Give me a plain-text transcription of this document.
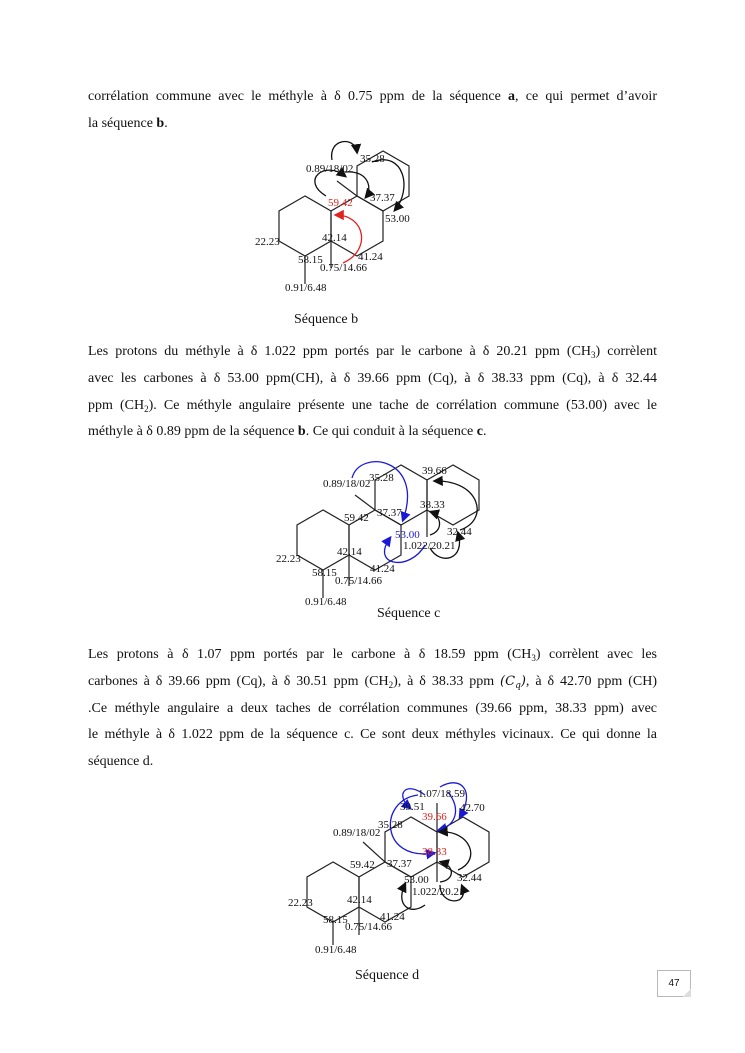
35.28
0.89/18/02
59.42 37.37
53.00
42.14
22.23
58.15	41.24
0.75/14.66
0.91/6.48
39.66
0.89/18/02
35.28
38.33
59.42 37.37
53.00 32.44
1.022/20.21
42.14
22.23
41.24
58.15
0.75/14.66
0.91/6.48
1.07/18.59
39.51	42.70
39.66
35.28
0.89/18/02
38.33
59.42 37.37
32.44
53.00
1.022/20.21
42.14
22.23
41.24
58.15
0.75/14.66
0.91/6.48
corrélation commune avec le méthyle à δ 0.75 ppm de la séquence a, ce qui permet d’avoir
la séquence b.
Séquence b
Les protons du méthyle à δ 1.022 ppm portés par le carbone à δ 20.21 ppm $(CH_3)$ corrèlent
avec les carbones à δ 53.00 ppm(CH), à δ 39.66 ppm (Cq), à δ 38.33 ppm (Cq), à δ 32.44
ppm $(CH_2)$. Ce méthyle angulaire présente une tache de corrélation commune (53.00) avec le
méthyle à δ 0.89 ppm de la séquence b. Ce qui conduit à la séquence c.
Séquence c
Les protons à δ 1.07 ppm portés par le carbone à δ 18.59 ppm $(CH_3)$ corrèlent avec les
carbones à δ 39.66 ppm (Cq), à δ 30.51 ppm $(CH_2)$, à δ 38.33 ppm $(C_q)$, à δ 42.70 ppm (CH)
.Ce méthyle angulaire a deux taches de corrélation communes (39.66 ppm, 38.33 ppm) avec
le méthyle à δ 1.022 ppm de la séquence c. Ce sont deux méthyles vicinaux. Ce qui donne la
séquence d.
Séquence d
47
